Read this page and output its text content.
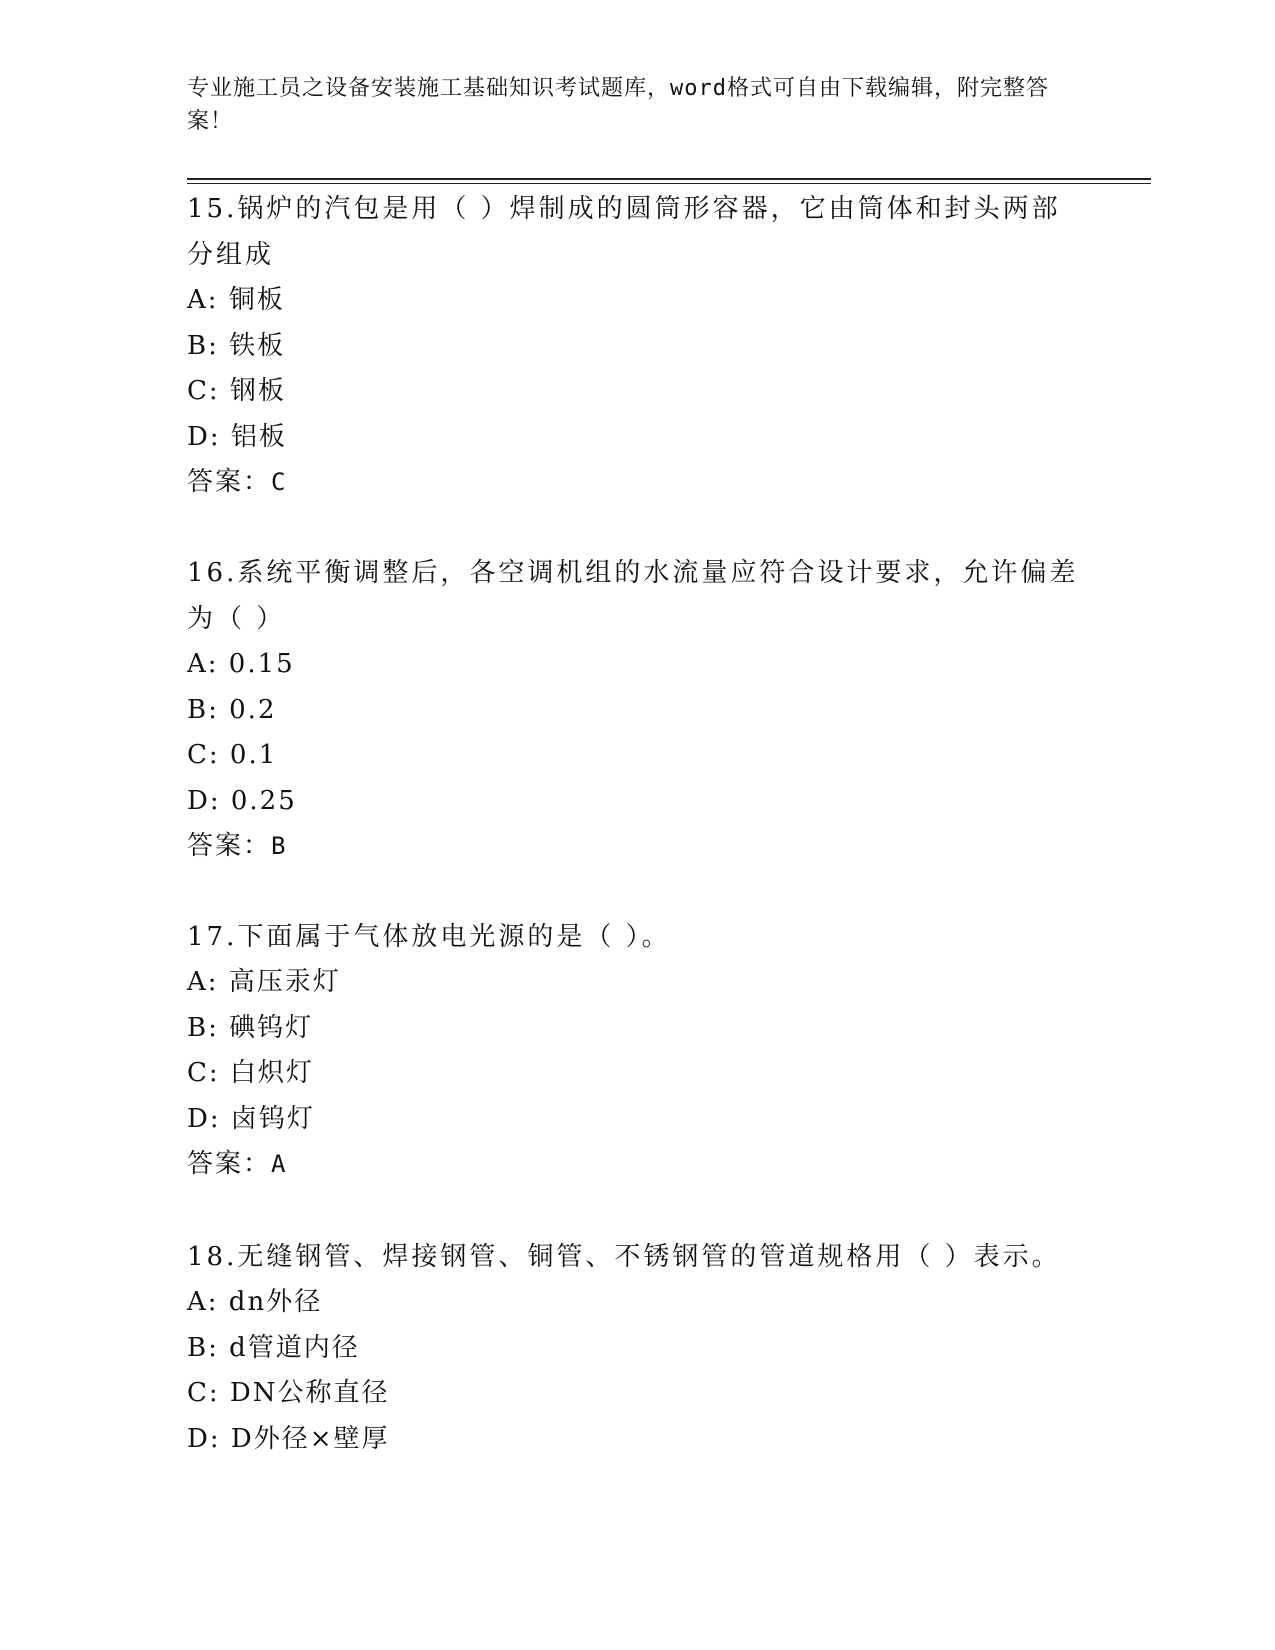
专业施工员之设备安装施工基础知识考试题库，word格式可自由下载编辑，附完整答案！
15.锅炉的汽包是用（ ）焊制成的圆筒形容器，它由筒体和封头两部分组成
A: 铜板
B: 铁板
C: 钢板
D: 铝板
答案：C
16.系统平衡调整后，各空调机组的水流量应符合设计要求，允许偏差为（ ）
A: 0.15
B: 0.2
C: 0.1
D: 0.25
答案：B
17.下面属于气体放电光源的是（ ）。
A: 高压汞灯
B: 碘钨灯
C: 白炽灯
D: 卤钨灯
答案：A
18.无缝钢管、焊接钢管、铜管、不锈钢管的管道规格用（ ）表示。
A: dn外径
B: d管道内径
C: DN公称直径
D: D外径×壁厚
